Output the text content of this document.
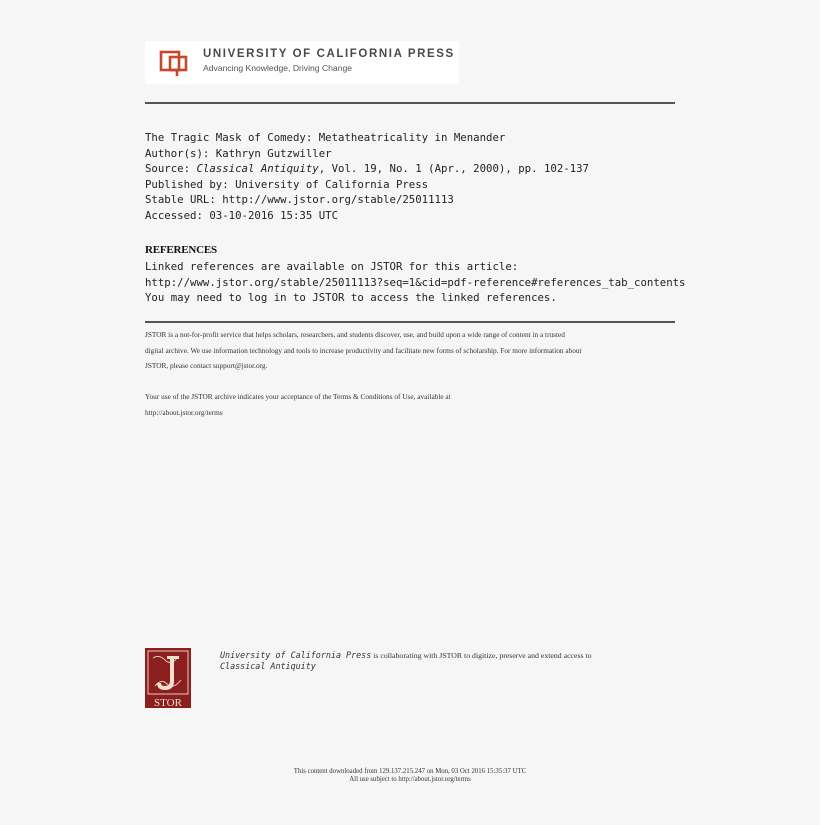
UNIVERSITY OF CALIFORNIA PRESS
Advancing Knowledge, Driving Change
The Tragic Mask of Comedy: Metatheatricality in Menander
Author(s): Kathryn Gutzwiller
Source: Classical Antiquity, Vol. 19, No. 1 (Apr., 2000), pp. 102-137
Published by: University of California Press
Stable URL: http://www.jstor.org/stable/25011113
Accessed: 03-10-2016 15:35 UTC
REFERENCES
Linked references are available on JSTOR for this article:
http://www.jstor.org/stable/25011113?seq=1&cid=pdf-reference#references_tab_contents
You may need to log in to JSTOR to access the linked references.
JSTOR is a not-for-profit service that helps scholars, researchers, and students discover, use, and build upon a wide range of content in a trusted
digital archive. We use information technology and tools to increase productivity and facilitate new forms of scholarship. For more information about
JSTOR, please contact support@jstor.org.
Your use of the JSTOR archive indicates your acceptance of the Terms & Conditions of Use, available at
http://about.jstor.org/terms
STOR
University of California Press is collaborating with JSTOR to digitize, preserve and extend access to
Classical Antiquity
This content downloaded from 129.137.215.247 on Mon, 03 Oct 2016 15:35:37 UTC
All use subject to http://about.jstor.org/terms
